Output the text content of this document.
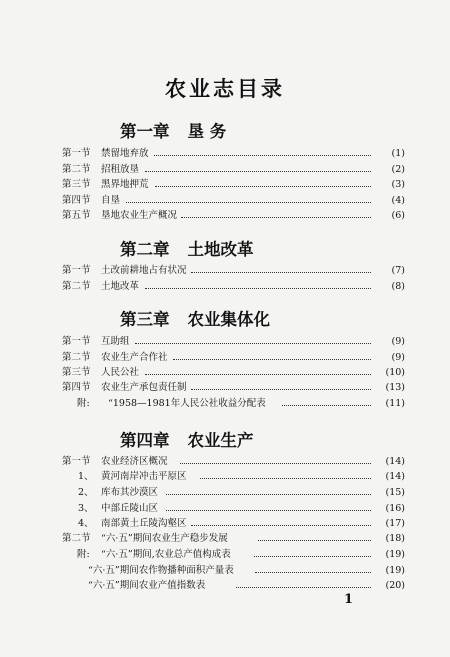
农业志目录
第一章 垦 务
第一节 禁留地弃放	(1)
第二节 招租放垦	(2)
第三节 黑界地押荒	(3)
第四节 自垦	(4)
第五节 垦地农业生产概况	(6)
第二章 土地改革
第一节 土改前耕地占有状况	(7)
第二节 土地改革	(8)
第三章 农业集体化
第一节 互助组	(9)
第二节 农业生产合作社	(9)
第三节 人民公社	(10)
第四节 农业生产承包责任制	(13)
附: “1958—1981年人民公社收益分配表	(11)
第四章 农业生产
第一节 农业经济区概况	(14)
1、 黄河南岸冲击平原区	(14)
2、 库布其沙漠区	(15)
3、 中部丘陵山区	(16)
4、 南部黄土丘陵沟壑区	(17)
第二节 “六·五”期间农业生产稳步发展	(18)
附: “六·五”期间,农业总产值构成表	(19)
“六·五”期间农作物播种面积产量表	(19)
“六·五”期间农业产值指数表	(20)
1
